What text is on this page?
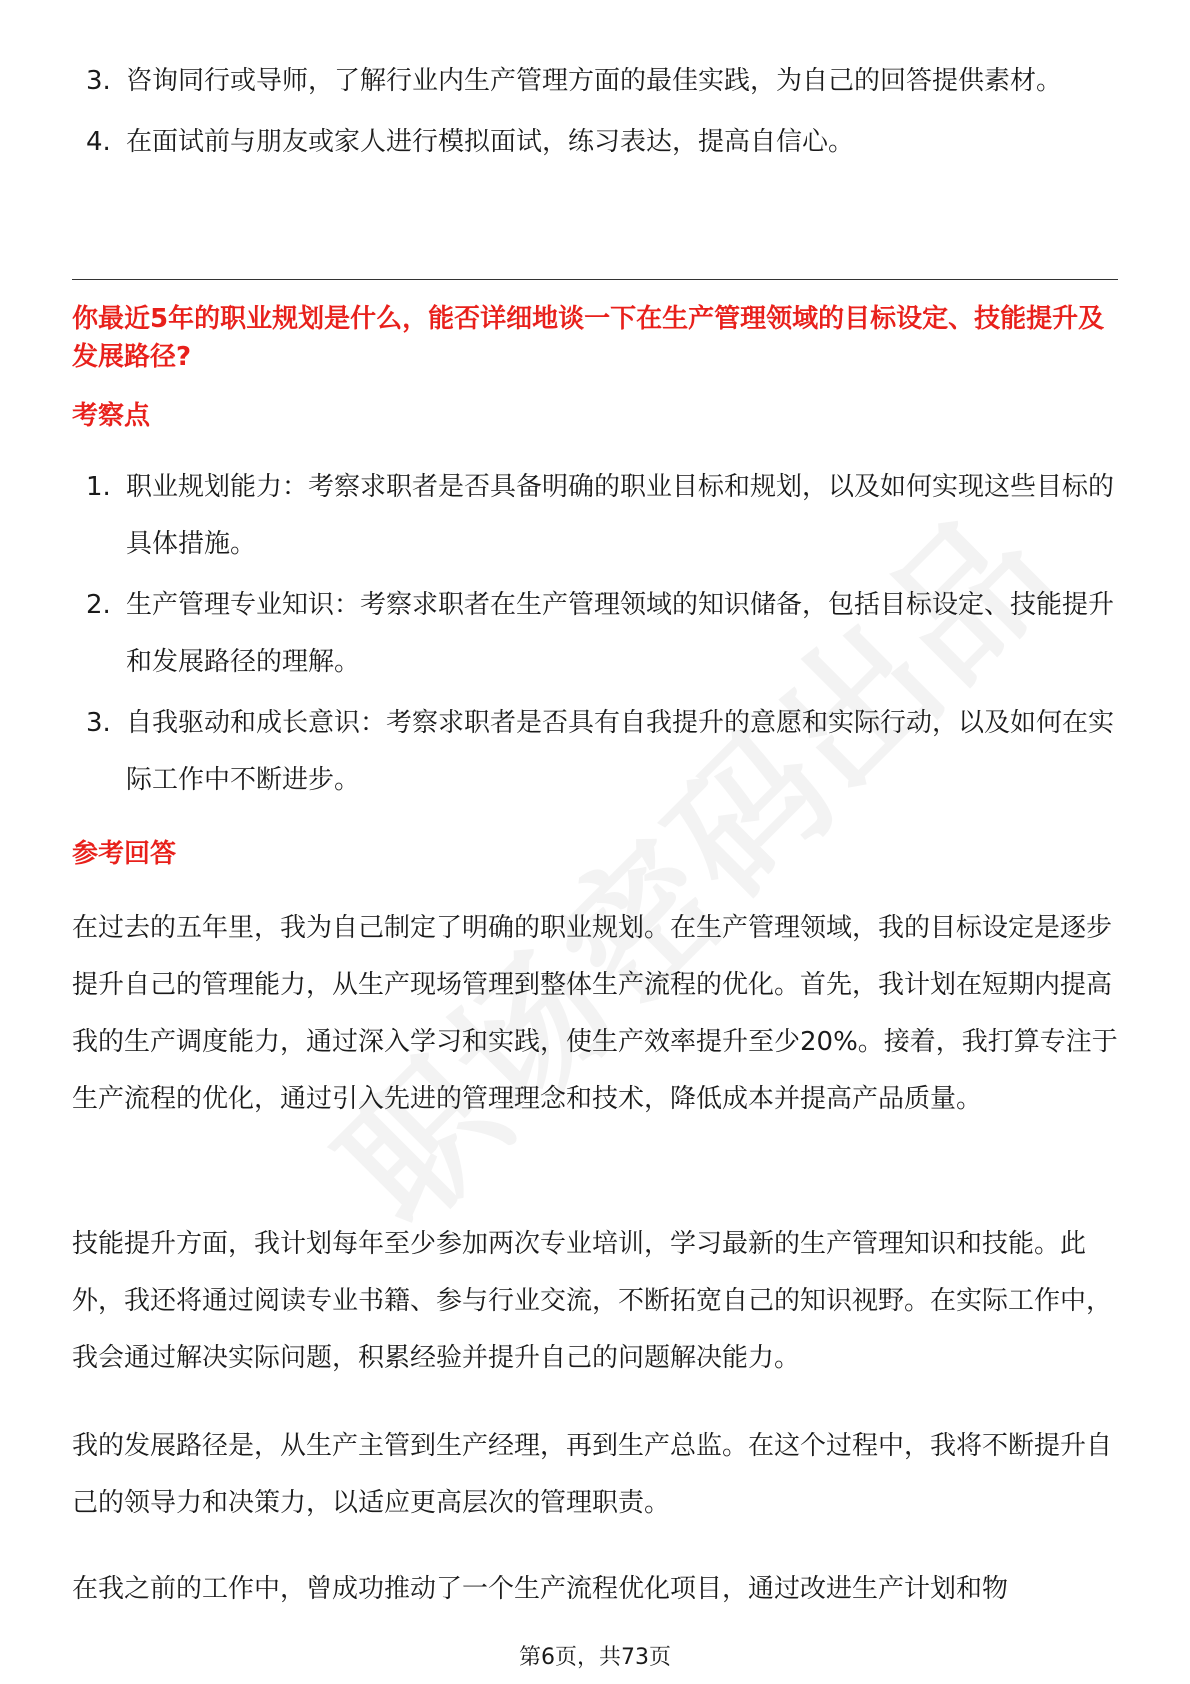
3. 咨询同行或导师，了解行业内生产管理方面的最佳实践，为自己的回答提供素材。
4. 在面试前与朋友或家人进行模拟面试，练习表达，提高自信心。
你最近5年的职业规划是什么，能否详细地谈一下在生产管理领域的目标设定、技能提升及发展路径?
考察点
1. 职业规划能力：考察求职者是否具备明确的职业目标和规划，以及如何实现这些目标的具体措施。
2. 生产管理专业知识：考察求职者在生产管理领域的知识储备，包括目标设定、技能提升和发展路径的理解。
3. 自我驱动和成长意识：考察求职者是否具有自我提升的意愿和实际行动，以及如何在实际工作中不断进步。
参考回答

在过去的五年里，我为自己制定了明确的职业规划。在生产管理领域，我的目标设定是逐步提升自己的管理能力，从生产现场管理到整体生产流程的优化。首先，我计划在短期内提高我的生产调度能力，通过深入学习和实践，使生产效率提升至少20%。接着，我打算专注于生产流程的优化，通过引入先进的管理理念和技术，降低成本并提高产品质量。

技能提升方面，我计划每年至少参加两次专业培训，学习最新的生产管理知识和技能。此外，我还将通过阅读专业书籍、参与行业交流，不断拓宽自己的知识视野。在实际工作中，我会通过解决实际问题，积累经验并提升自己的问题解决能力。

我的发展路径是，从生产主管到生产经理，再到生产总监。在这个过程中，我将不断提升自己的领导力和决策力，以适应更高层次的管理职责。

在我之前的工作中，曾成功推动了一个生产流程优化项目，通过改进生产计划和物

第6页，共73页
